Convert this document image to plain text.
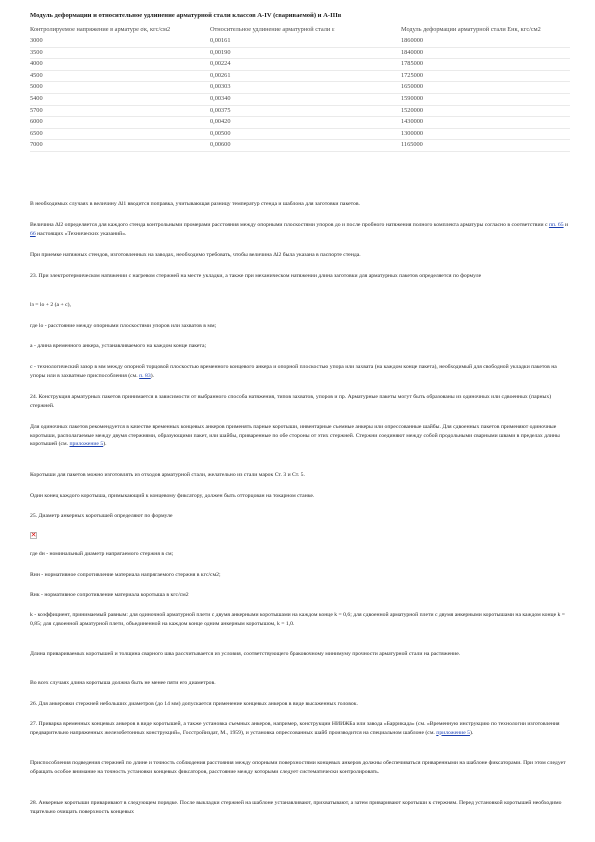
Модуль деформации и относительное удлинение арматурной стали классов A-IV (свариваемой) и A-IIIв
Контролируемое напряжение в арматуре σк, кгс/см2	Относительное удлинение арматурной стали ε	Модуль деформации арматурной стали Eнк, кгс/см2
3000	0,00161	1860000
3500	0,00190	1840000
4000	0,00224	1785000
4500	0,00261	1725000
5000	0,00303	1650000
5400	0,00340	1590000
5700	0,00375	1520000
6000	0,00420	1430000
6500	0,00500	1300000
7000	0,00600	1165000

В необходимых случаях в величину Δl1 вводится поправка, учитывающая разницу температур стенда и шаблона для заготовки пакетов.

Величина Δl2 определяется для каждого стенда контрольными промерами расстояния между опорными плоскостями упоров до и после пробного натяжения полного комплекта арматуры согласно в соответствии с пп. 65 и 66 настоящих «Технических указаний».

При приемке натяжных стендов, изготовленных на заводах, необходимо требовать, чтобы величина Δl2 была указана в паспорте стенда.

23. При электротермическом натяжении с нагревом стержней на месте укладки, а также при механическом натяжении длина заготовки для арматурных пакетов определяется по формуле

lз = lо + 2 (a + c),

где lо - расстояние между опорными плоскостями упоров или захватов в мм;

a - длина временного анкера, устанавливаемого на каждом конце пакета;

c - технологический зазор в мм между опорной торцовой плоскостью временного концевого анкера и опорной плоскостью упора или захвата (на каждом конце пакета), необходимый для свободной укладки пакетов на упоры или в захватные приспособления (см. п. 83).

24. Конструкция арматурных пакетов принимается в зависимости от выбранного способа натяжения, типов захватов, упоров и пр. Арматурные пакеты могут быть образованы из одиночных или сдвоенных (парных) стержней.

Для одиночных пакетов рекомендуется в качестве временных концевых анкеров применять парные коротыши, инвентарные съемные анкеры или опрессованные шайбы. Для сдвоенных пакетов применяют одиночные коротыши, располагаемые между двумя стержнями, образующими пакет, или шайбы, приваренные по обе стороны от этих стержней. Стержни соединяют между собой продольными сварными швами в пределах длины коротышей (см. приложение 5).

Коротыши для пакетов можно изготовлять из отходов арматурной стали, желательно из стали марок Ст. 3 и Ст. 5.

Один конец каждого коротыша, примыкающий к концевому фиксатору, должен быть отторцован на токарном станке.

25. Диаметр анкерных коротышей определяют по формуле

✕

где dн - номинальный диаметр напрягаемого стержня в см;

Rнн - нормативное сопротивление материала напрягаемого стержня в кгс/см2;

Rнк - нормативное сопротивление материала коротыша в кгс/см2

k - коэффициент, принимаемый равным: для одиночной арматурной плети с двумя анкерными коротышами на каждом конце k = 0,6; для сдвоенной арматурной плети с двумя анкерными коротышами на каждом конце k = 0,85; для сдвоенной арматурной плети, объединенной на каждом конце одним анкерным коротышом, k = 1,0.

Длина привариваемых коротышей и толщина сварного шва рассчитывается из условия, соответствующего браковочному минимуму прочности арматурной стали на растяжение.

Во всех случаях длина коротыша должна быть не менее пяти его диаметров.

26. Для анкеровки стержней небольших диаметров (до 14 мм) допускается применение концевых анкеров в виде высаженных головок.

27. Приварка временных концевых анкеров в виде коротышей, а также установка съемных анкеров, например, конструкции НИИЖБа или завода «Баррикада» (см. «Временную инструкцию по технологии изготовления предварительно напряженных железобетонных конструкций», Госстройиздат, М., 1959), и установка опрессованных шайб производится на специальном шаблоне (см. приложение 5).

Приспособления подведения стержней по длине и точность соблюдения расстояния между опорными поверхностями концевых анкеров должны обеспечиваться приваренными на шаблоне фиксаторами. При этом следует обращать особое внимание на точность установки концевых фиксаторов, расстояние между которыми следует систематически контролировать.

28. Анкерные коротыши приваривают в следующем порядке. После выкладки стержней на шаблоне устанавливают, прихватывают, а затем приваривают коротыши к стержням. Перед установкой коротышей необходимо тщательно очищать поверхность концевых
